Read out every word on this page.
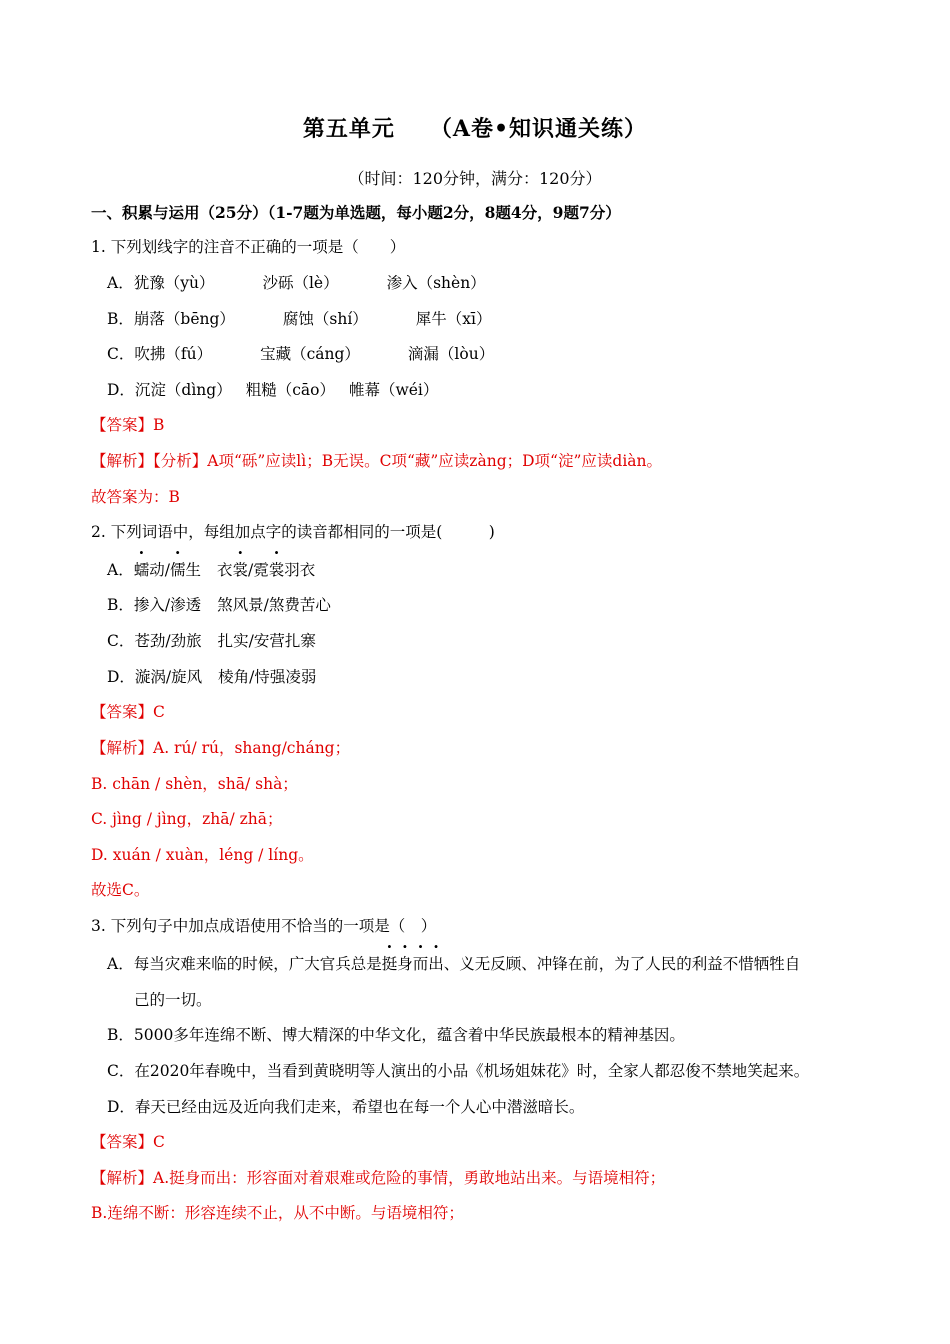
第五单元　　（A卷•知识通关练）
（时间：120分钟，满分：120分）
一、积累与运用（25分）（1-7题为单选题，每小题2分，8题4分，9题7分）
1. 下列划线字的注音不正确的一项是（　　）
A．犹豫（yù）	沙砾（lè）	渗入（shèn）
B．崩落（bēng）	腐蚀（shí）	犀牛（xī）
C．吹拂（fú）	宝藏（cáng）	滴漏（lòu）
D．沉淀（dìng） 粗糙（cāo） 帷幕（wéi）
【答案】B
【解析】【分析】A项“砾”应读lì；B无误。C项“藏”应读zàng；D项“淀”应读diàn。
故答案为：B
2. 下列词语中，每组加点字的读音都相同的一项是(　　　)
A．蠕动/儒生 衣裳/霓裳羽衣
B．掺入/渗透 煞风景/煞费苦心
C．苍劲/劲旅 扎实/安营扎寨
D．漩涡/旋风 棱角/恃强凌弱
【答案】C
【解析】A. rú/ rú，shang/cháng；
B. chān / shèn，shā/ shà；
C. jìng / jìng，zhā/ zhā；
D. xuán / xuàn，léng / líng。
故选C。
3. 下列句子中加点成语使用不恰当的一项是（　）
A．每当灾难来临的时候，广大官兵总是挺身而出、义无反顾、冲锋在前，为了人民的利益不惜牺牲自
己的一切。
B．5000多年连绵不断、博大精深的中华文化，蕴含着中华民族最根本的精神基因。
C．在2020年春晚中，当看到黄晓明等人演出的小品《机场姐妹花》时，全家人都忍俊不禁地笑起来。
D．春天已经由远及近向我们走来，希望也在每一个人心中潜滋暗长。
【答案】C
【解析】A.挺身而出：形容面对着艰难或危险的事情，勇敢地站出来。与语境相符；
B.连绵不断：形容连续不止，从不中断。与语境相符；
